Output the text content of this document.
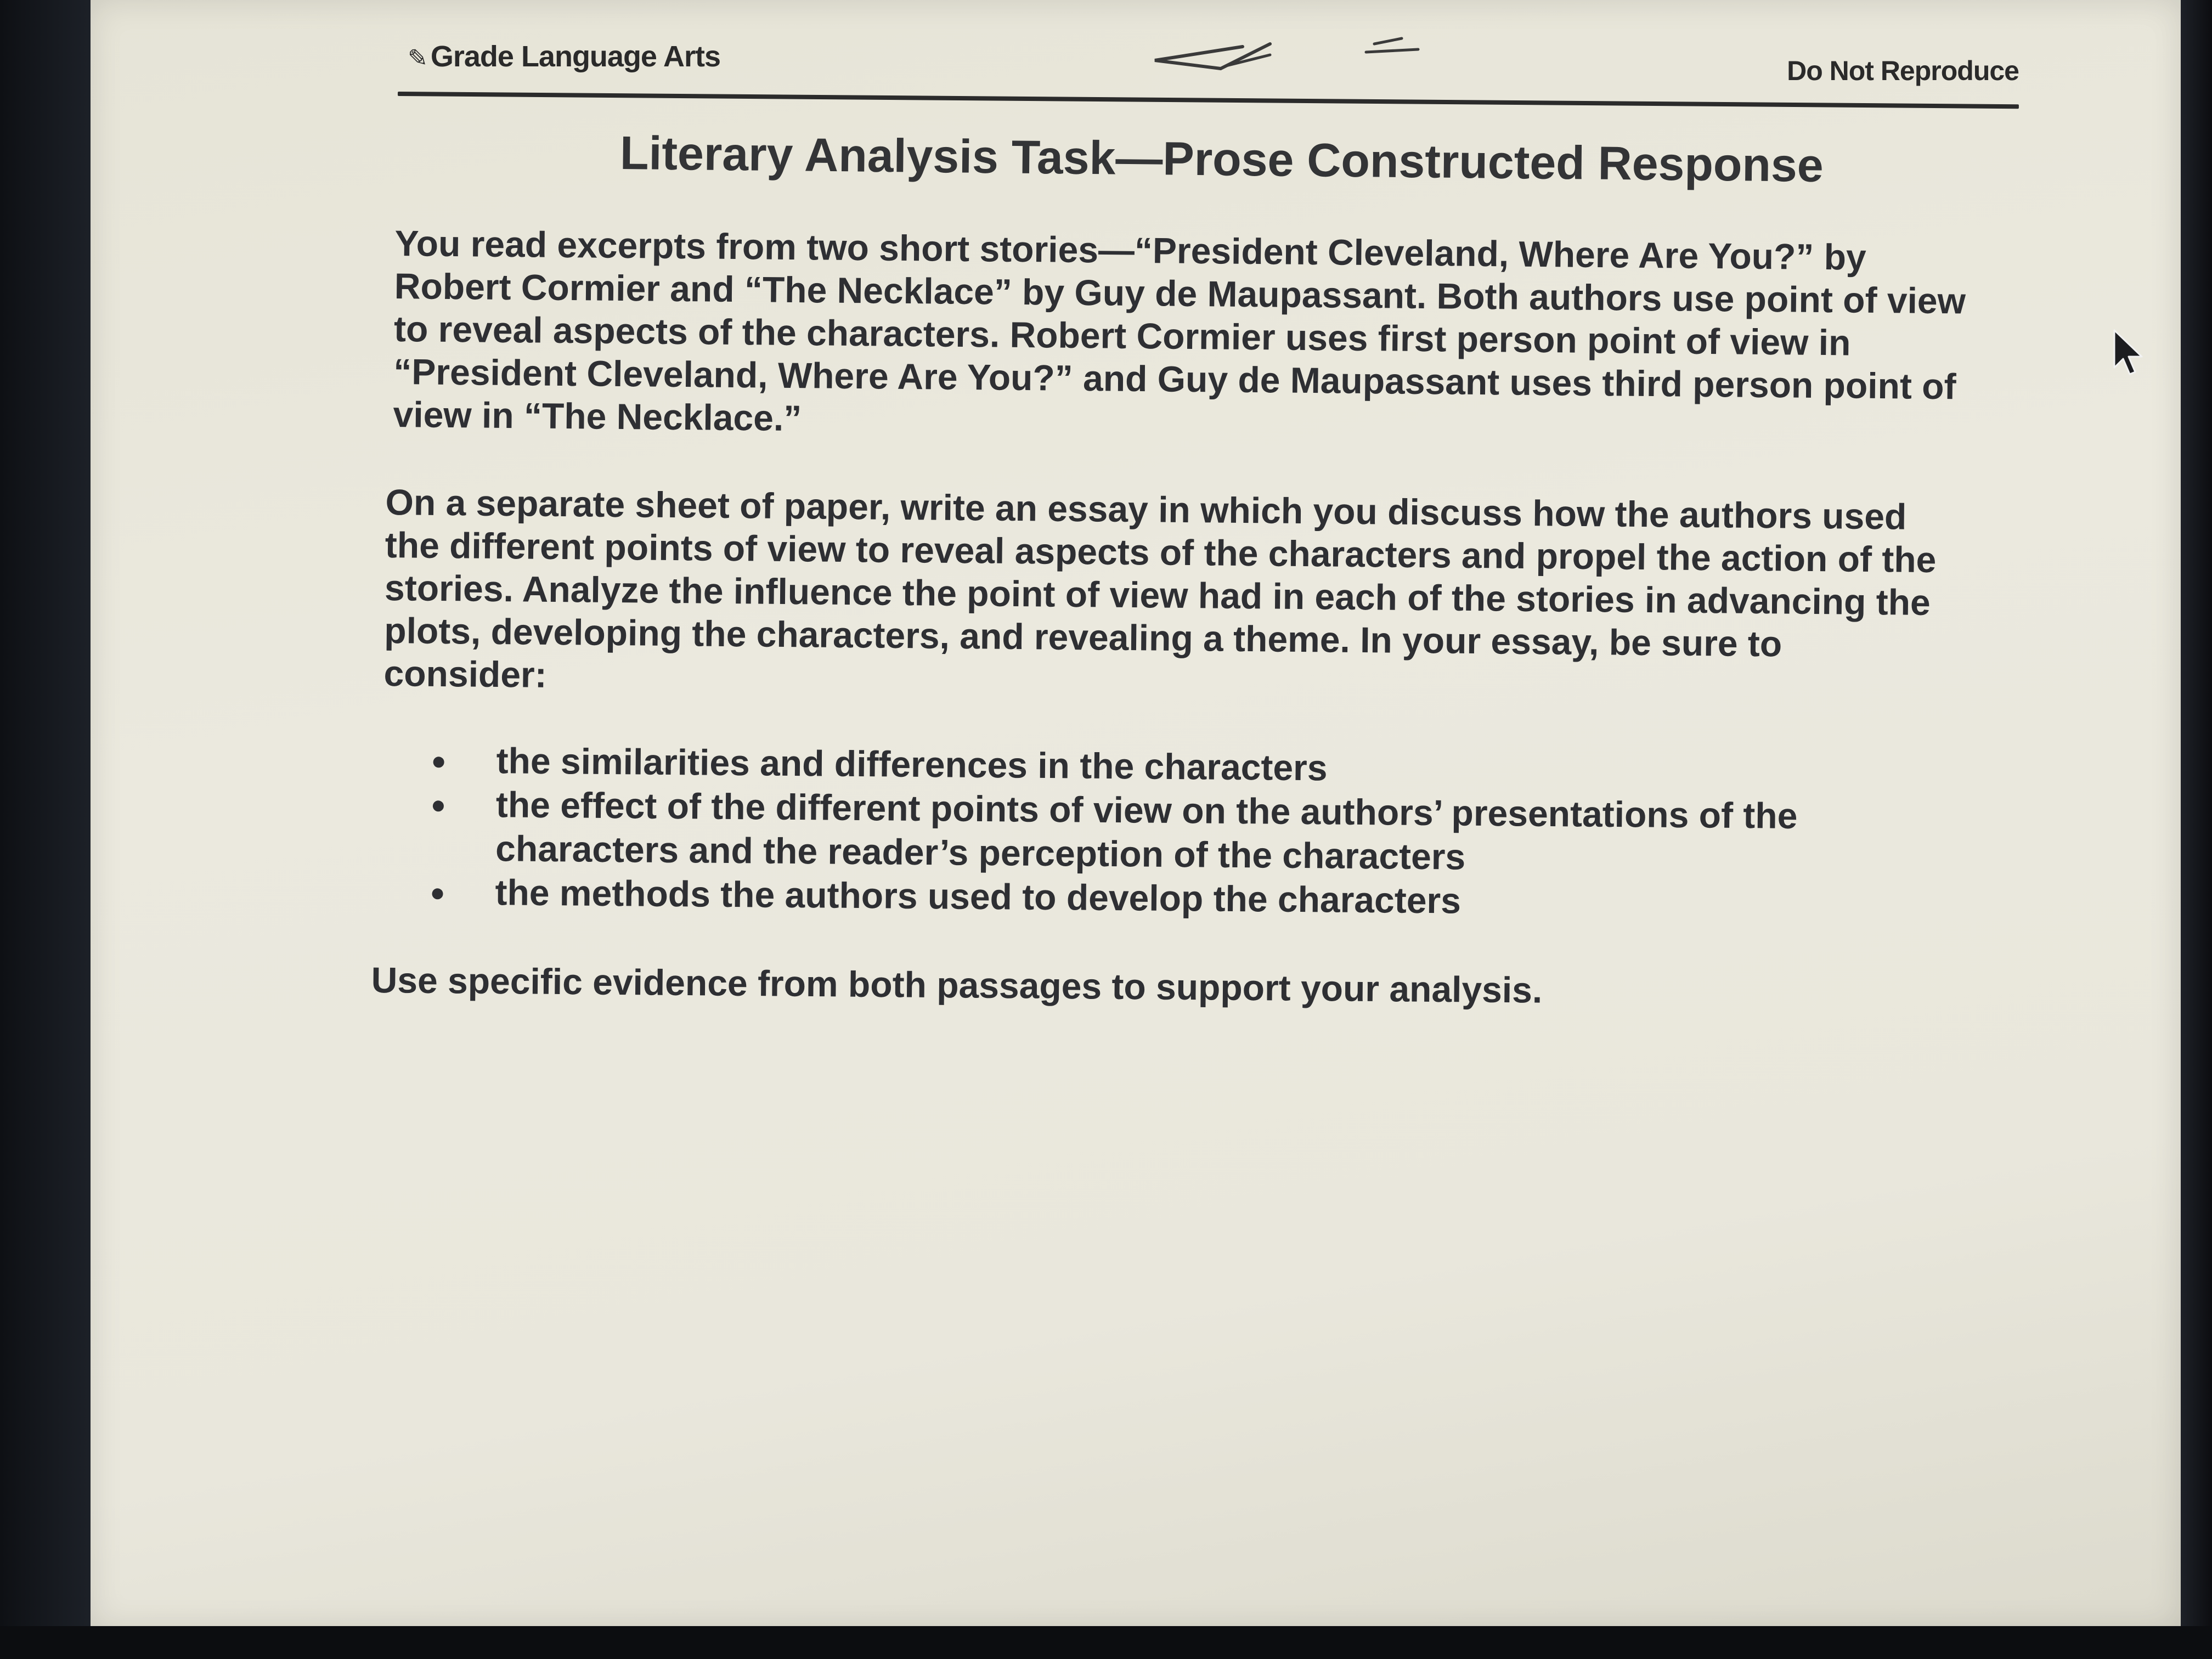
✎ Grade Language Arts	Do Not Reproduce
Literary Analysis Task—Prose Constructed Response

You read excerpts from two short stories—“President Cleveland, Where Are You?” by
Robert Cormier and “The Necklace” by Guy de Maupassant. Both authors use point of view
to reveal aspects of the characters. Robert Cormier uses first person point of view in
“President Cleveland, Where Are You?” and Guy de Maupassant uses third person point of
view in “The Necklace.”

On a separate sheet of paper, write an essay in which you discuss how the authors used
the different points of view to reveal aspects of the characters and propel the action of the
stories. Analyze the influence the point of view had in each of the stories in advancing the
plots, developing the characters, and revealing a theme. In your essay, be sure to
consider:

the similarities and differences in the characters
the effect of the different points of view on the authors’ presentations of the
characters and the reader’s perception of the characters
the methods the authors used to develop the characters
Use specific evidence from both passages to support your analysis.
